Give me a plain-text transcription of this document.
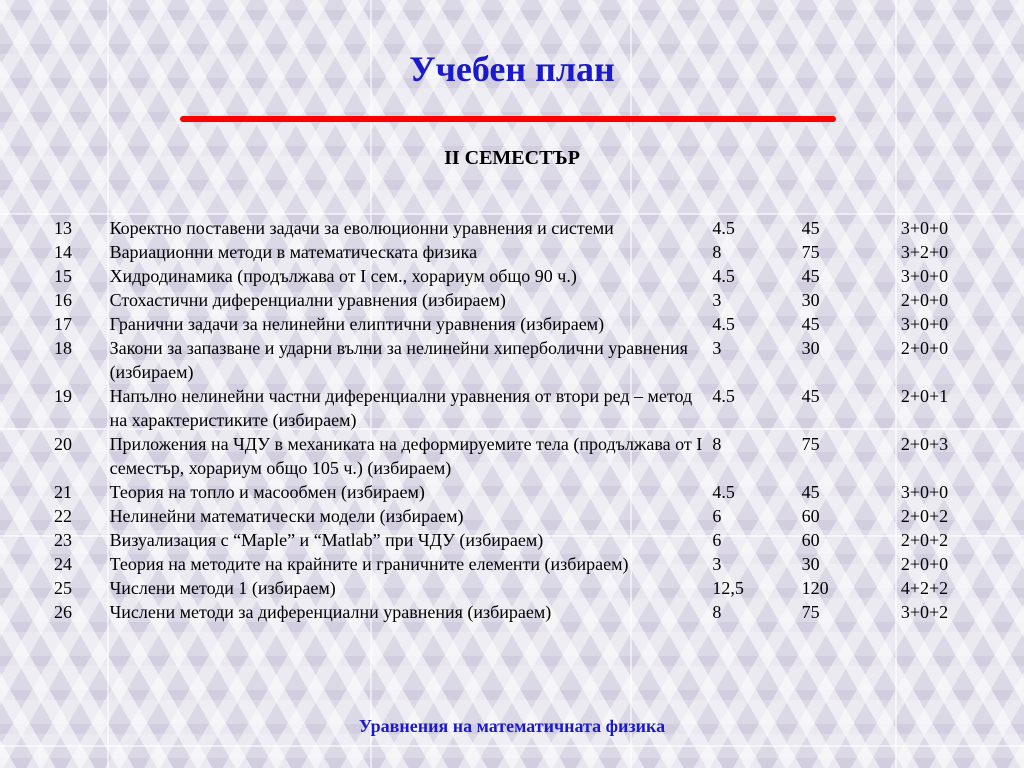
Учебен план
II СЕМЕСТЪР
13	Коректно поставени задачи за еволюционни уравнения и системи	4.5	45	3+0+0
14	Вариационни методи в математическата физика	8	75	3+2+0
15	Хидродинамика (продължава от I сем., хорариум общо 90 ч.)	4.5	45	3+0+0
16	Стохастични диференциални уравнения (избираем)	3	30	2+0+0
17	Гранични задачи за нелинейни елиптични уравнения (избираем)	4.5	45	3+0+0
18	Закони за запазване и ударни вълни за нелинейни хиперболични уравнения (избираем)	3	30	2+0+0
19	Напълно нелинейни частни диференциални уравнения от втори ред – метод на характеристиките (избираем)	4.5	45	2+0+1
20	Приложения на ЧДУ в механиката на деформируемите тела (продължава от I семестър, хорариум общо 105 ч.) (избираем)	8	75	2+0+3
21	Теория на топло и масообмен (избираем)	4.5	45	3+0+0
22	Нелинейни математически модели (избираем)	6	60	2+0+2
23	Визуализация с “Maple” и “Matlab” при ЧДУ (избираем)	6	60	2+0+2
24	Теория на методите на крайните и граничните елементи (избираем)	3	30	2+0+0
25	Числени методи 1 (избираем)	12,5	120	4+2+2
26	Числени методи за диференциални уравнения (избираем)	8	75	3+0+2
Уравнения на математичната физика
